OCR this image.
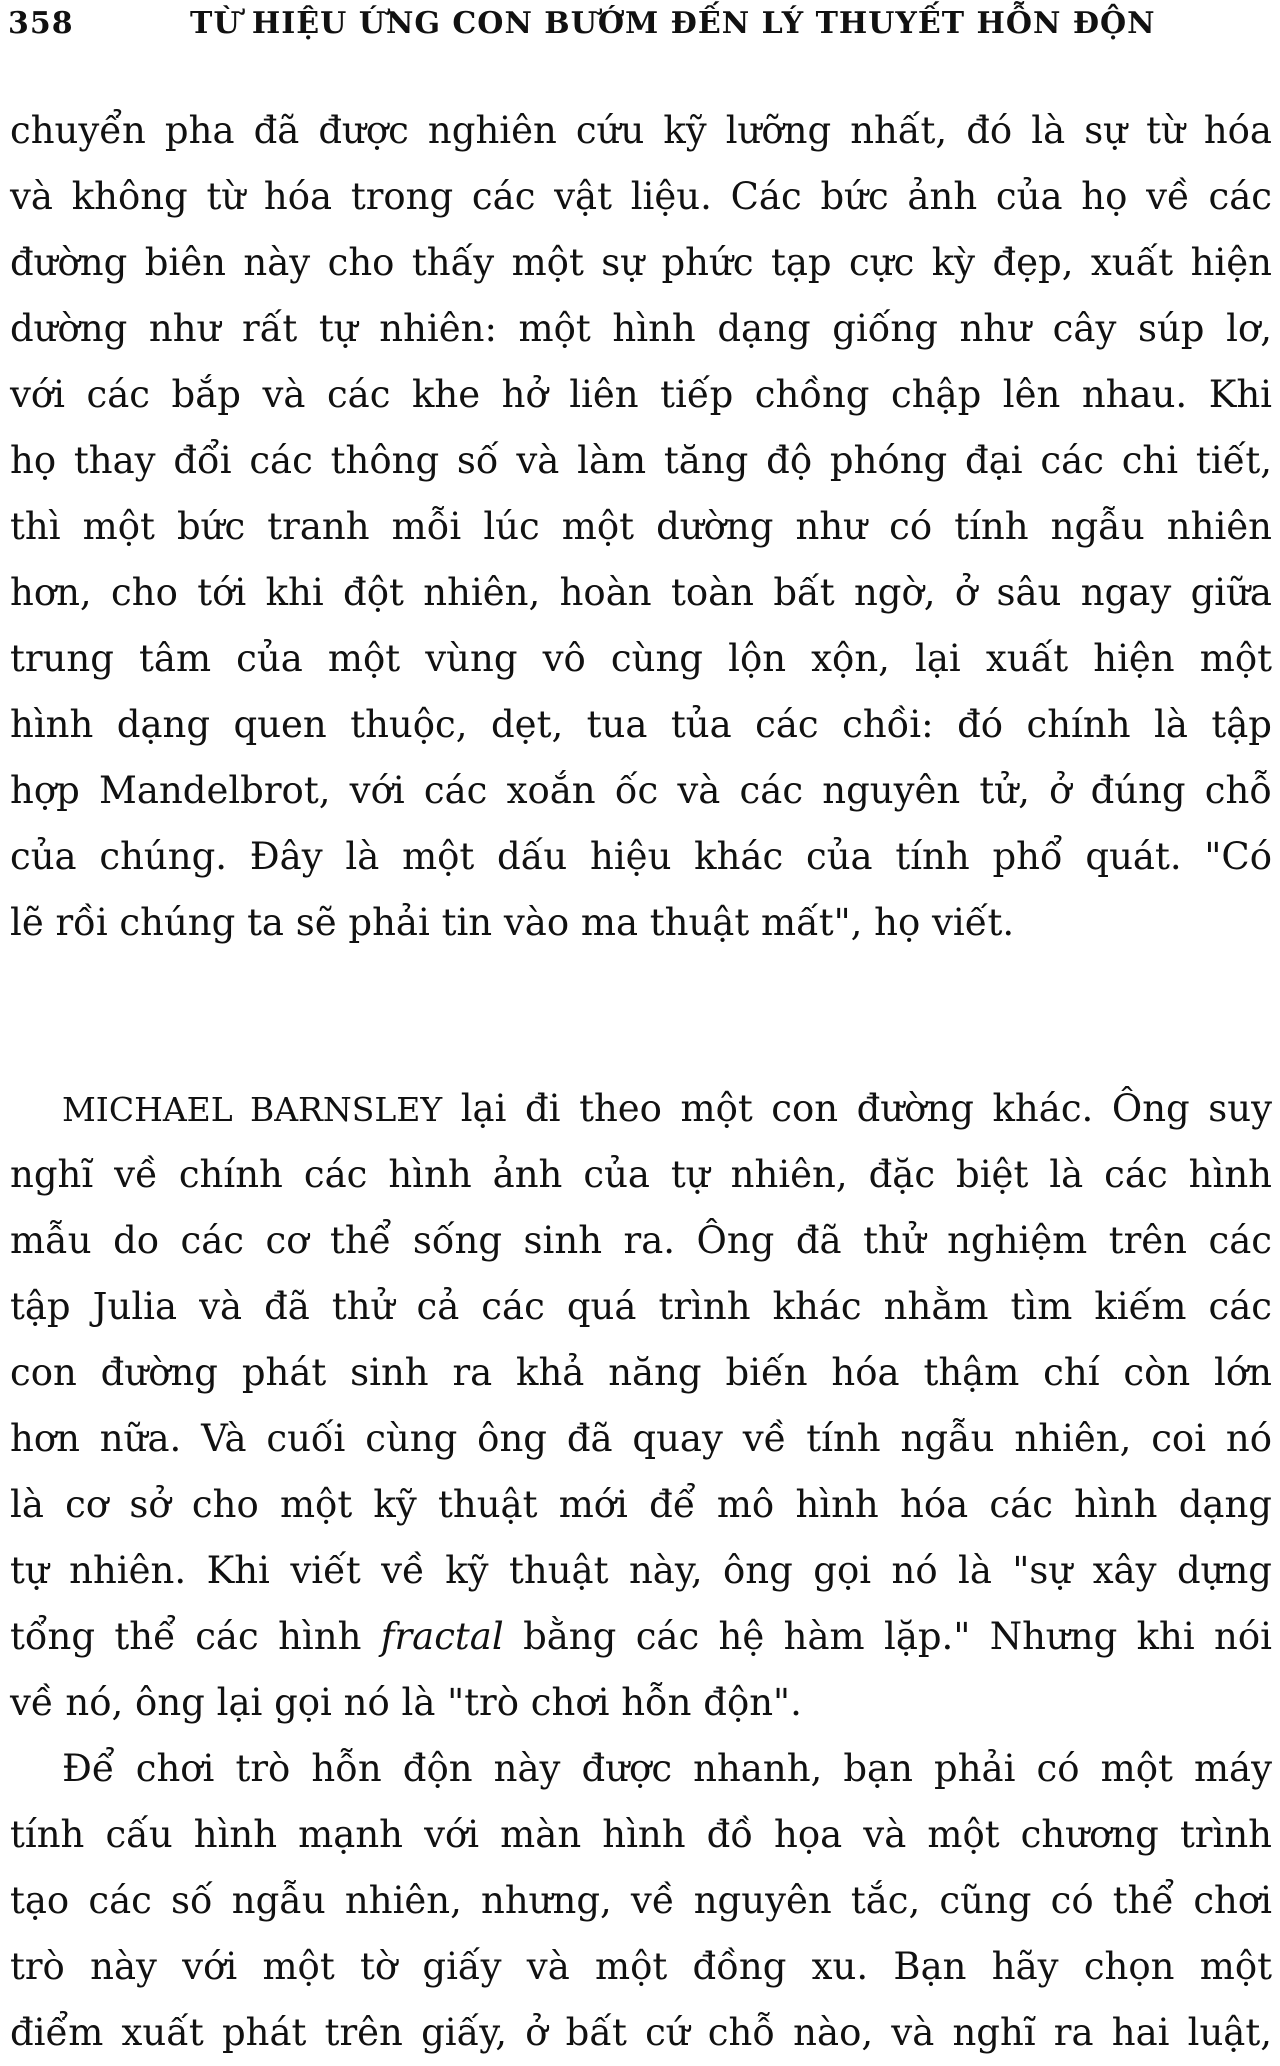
358	TỪ HIỆU ỨNG CON BƯỚM ĐẾN LÝ THUYẾT HỖN ĐỘN
chuyển pha đã được nghiên cứu kỹ lưỡng nhất, đó là sự từ hóa
và không từ hóa trong các vật liệu. Các bức ảnh của họ về các
đường biên này cho thấy một sự phức tạp cực kỳ đẹp, xuất hiện
dường như rất tự nhiên: một hình dạng giống như cây súp lơ,
với các bắp và các khe hở liên tiếp chồng chập lên nhau. Khi
họ thay đổi các thông số và làm tăng độ phóng đại các chi tiết,
thì một bức tranh mỗi lúc một dường như có tính ngẫu nhiên
hơn, cho tới khi đột nhiên, hoàn toàn bất ngờ, ở sâu ngay giữa
trung tâm của một vùng vô cùng lộn xộn, lại xuất hiện một
hình dạng quen thuộc, dẹt, tua tủa các chồi: đó chính là tập
hợp Mandelbrot, với các xoắn ốc và các nguyên tử, ở đúng chỗ
của chúng. Đây là một dấu hiệu khác của tính phổ quát. "Có
lẽ rồi chúng ta sẽ phải tin vào ma thuật mất", họ viết.
MICHAEL BARNSLEY lại đi theo một con đường khác. Ông suy
nghĩ về chính các hình ảnh của tự nhiên, đặc biệt là các hình
mẫu do các cơ thể sống sinh ra. Ông đã thử nghiệm trên các
tập Julia và đã thử cả các quá trình khác nhằm tìm kiếm các
con đường phát sinh ra khả năng biến hóa thậm chí còn lớn
hơn nữa. Và cuối cùng ông đã quay về tính ngẫu nhiên, coi nó
là cơ sở cho một kỹ thuật mới để mô hình hóa các hình dạng
tự nhiên. Khi viết về kỹ thuật này, ông gọi nó là "sự xây dựng
tổng thể các hình fractal bằng các hệ hàm lặp." Nhưng khi nói
về nó, ông lại gọi nó là "trò chơi hỗn độn".
Để chơi trò hỗn độn này được nhanh, bạn phải có một máy
tính cấu hình mạnh với màn hình đồ họa và một chương trình
tạo các số ngẫu nhiên, nhưng, về nguyên tắc, cũng có thể chơi
trò này với một tờ giấy và một đồng xu. Bạn hãy chọn một
điểm xuất phát trên giấy, ở bất cứ chỗ nào, và nghĩ ra hai luật,
